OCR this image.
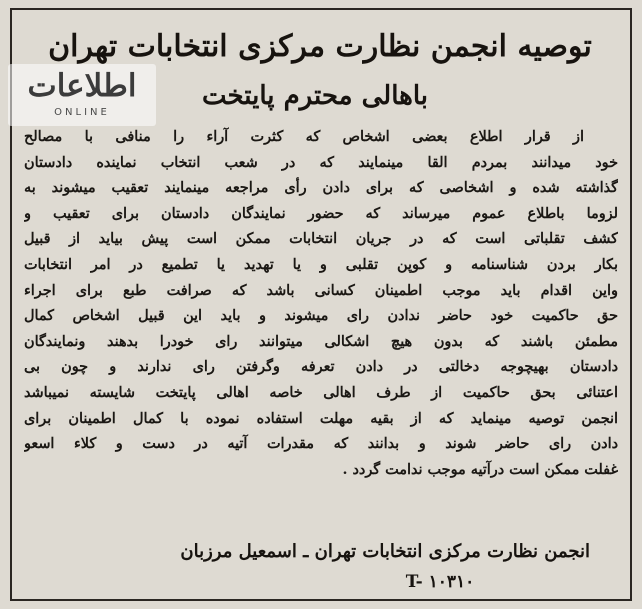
توصیه انجمن نظارت مرکزی انتخابات تهران
باهالی محترم پایتخت
اطلاعات
ONLINE
از قرار اطلاع بعضی اشخاص که کثرت آراء را منافی با مصالح
خود میدانند بمردم القا مینمایند که در شعب انتخاب نماینده دادستان
گذاشته شده و اشخاصی که برای دادن رأی مراجعه مینمایند تعقیب میشوند به
لزوما باطلاع عموم میرساند که حضور نمایندگان دادستان برای تعقیب و
کشف تقلباتی است که در جریان انتخابات ممکن است پیش بیاید از قبیل
بکار بردن شناسنامه و کوپن تقلبی و یا تهدید یا تطمیع در امر انتخابات
واین اقدام باید موجب اطمینان کسانی باشد که صرافت طبع برای اجراء
حق حاکمیت خود حاضر ندادن رای میشوند و باید این قبیل اشخاص کمال
مطمئن باشند که بدون هیچ اشکالی میتوانند رای خودرا بدهند ونمایندگان
دادستان بهیچوجه دخالتی در دادن تعرفه وگرفتن رای ندارند و چون بی
اعتنائی بحق حاکمیت از طرف اهالی خاصه اهالی پایتخت شایسته نمیباشد
انجمن توصیه مینماید که از بقیه مهلت استفاده نموده با کمال اطمینان برای
دادن رای حاضر شوند و بدانند که مقدرات آتیه در دست و کلاء اسعو
غفلت ممکن است درآتیه موجب ندامت گردد .
انجمن نظارت مرکزی انتخابات تهران ـ اسمعیل مرزبان
T- ۱۰۳۱۰
